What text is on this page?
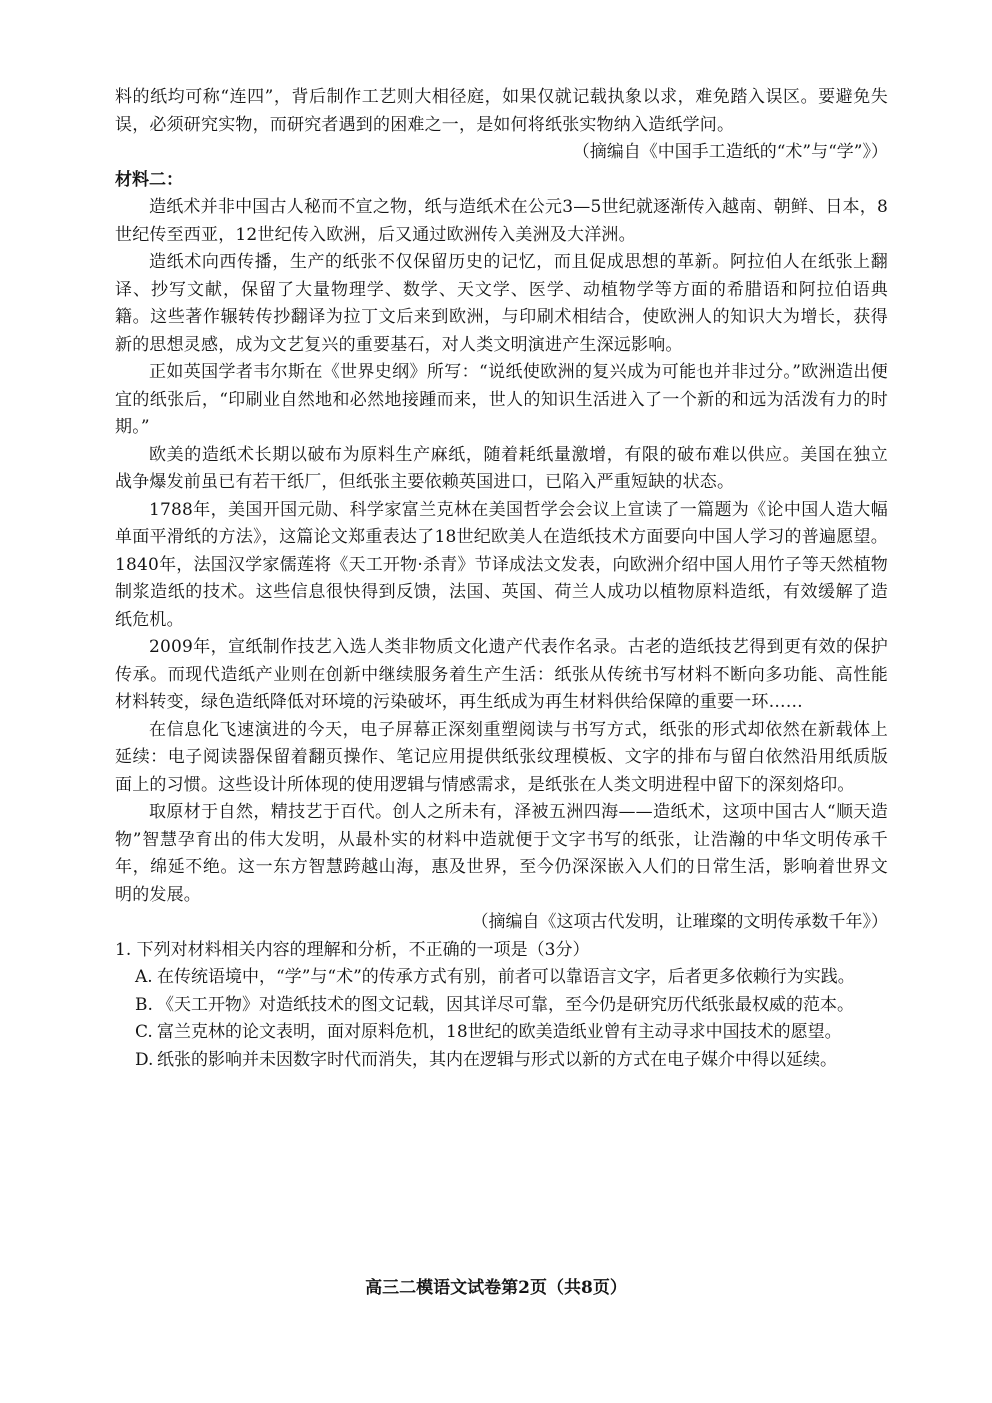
料的纸均可称“连四”，背后制作工艺则大相径庭，如果仅就记载执象以求，难免踏入误区。要避免失误，必须研究实物，而研究者遇到的困难之一，是如何将纸张实物纳入造纸学问。

（摘编自《中国手工造纸的“术”与“学”》）

材料二：

造纸术并非中国古人秘而不宣之物，纸与造纸术在公元3—5世纪就逐渐传入越南、朝鲜、日本，8世纪传至西亚，12世纪传入欧洲，后又通过欧洲传入美洲及大洋洲。

造纸术向西传播，生产的纸张不仅保留历史的记忆，而且促成思想的革新。阿拉伯人在纸张上翻译、抄写文献，保留了大量物理学、数学、天文学、医学、动植物学等方面的希腊语和阿拉伯语典籍。这些著作辗转传抄翻译为拉丁文后来到欧洲，与印刷术相结合，使欧洲人的知识大为增长，获得新的思想灵感，成为文艺复兴的重要基石，对人类文明演进产生深远影响。

正如英国学者韦尔斯在《世界史纲》所写：“说纸使欧洲的复兴成为可能也并非过分。”欧洲造出便宜的纸张后，“印刷业自然地和必然地接踵而来，世人的知识生活进入了一个新的和远为活泼有力的时期。”

欧美的造纸术长期以破布为原料生产麻纸，随着耗纸量激增，有限的破布难以供应。美国在独立战争爆发前虽已有若干纸厂，但纸张主要依赖英国进口，已陷入严重短缺的状态。

1788年，美国开国元勋、科学家富兰克林在美国哲学会会议上宣读了一篇题为《论中国人造大幅单面平滑纸的方法》，这篇论文郑重表达了18世纪欧美人在造纸技术方面要向中国人学习的普遍愿望。1840年，法国汉学家儒莲将《天工开物·杀青》节译成法文发表，向欧洲介绍中国人用竹子等天然植物制浆造纸的技术。这些信息很快得到反馈，法国、英国、荷兰人成功以植物原料造纸，有效缓解了造纸危机。

2009年，宣纸制作技艺入选人类非物质文化遗产代表作名录。古老的造纸技艺得到更有效的保护传承。而现代造纸产业则在创新中继续服务着生产生活：纸张从传统书写材料不断向多功能、高性能材料转变，绿色造纸降低对环境的污染破坏，再生纸成为再生材料供给保障的重要一环……

在信息化飞速演进的今天，电子屏幕正深刻重塑阅读与书写方式，纸张的形式却依然在新载体上延续：电子阅读器保留着翻页操作、笔记应用提供纸张纹理模板、文字的排布与留白依然沿用纸质版面上的习惯。这些设计所体现的使用逻辑与情感需求，是纸张在人类文明进程中留下的深刻烙印。

取原材于自然，精技艺于百代。创人之所未有，泽被五洲四海——造纸术，这项中国古人“顺天造物”智慧孕育出的伟大发明，从最朴实的材料中造就便于文字书写的纸张，让浩瀚的中华文明传承千年，绵延不绝。这一东方智慧跨越山海，惠及世界，至今仍深深嵌入人们的日常生活，影响着世界文明的发展。

（摘编自《这项古代发明，让璀璨的文明传承数千年》）

1. 下列对材料相关内容的理解和分析，不正确的一项是（3分）

A. 在传统语境中，“学”与“术”的传承方式有别，前者可以靠语言文字，后者更多依赖行为实践。
B. 《天工开物》对造纸技术的图文记载，因其详尽可靠，至今仍是研究历代纸张最权威的范本。
C. 富兰克林的论文表明，面对原料危机，18世纪的欧美造纸业曾有主动寻求中国技术的愿望。
D. 纸张的影响并未因数字时代而消失，其内在逻辑与形式以新的方式在电子媒介中得以延续。
高三二模语文试卷第2页（共8页）
